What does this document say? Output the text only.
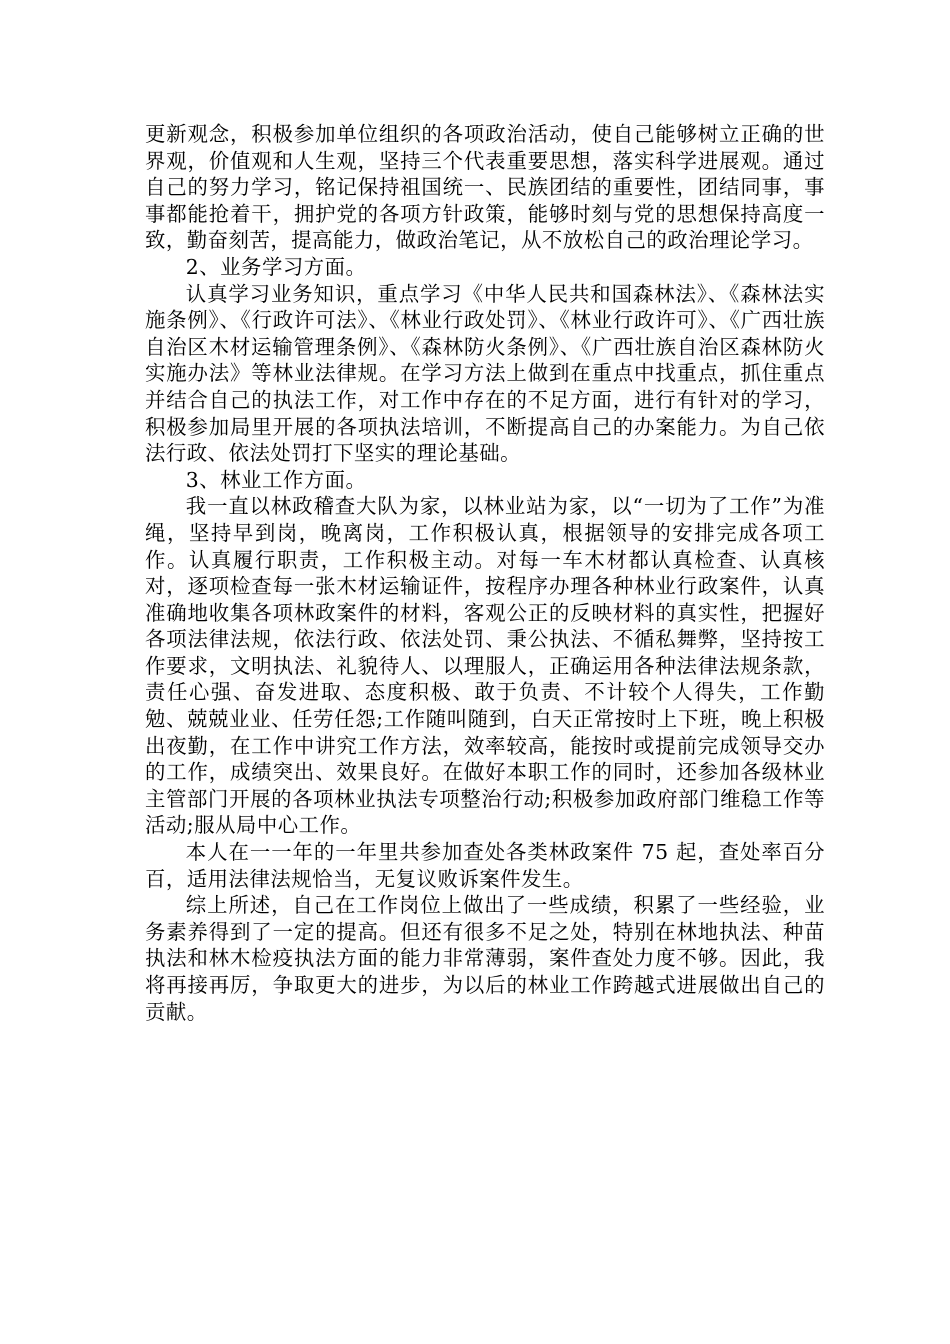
更新观念，积极参加单位组织的各项政治活动，使自己能够树立正确的世界观，价值观和人生观，坚持三个代表重要思想，落实科学进展观。通过自己的努力学习，铭记保持祖国统一、民族团结的重要性，团结同事，事事都能抢着干，拥护党的各项方针政策，能够时刻与党的思想保持高度一致，勤奋刻苦，提高能力，做政治笔记，从不放松自己的政治理论学习。

2、业务学习方面。

认真学习业务知识，重点学习《中华人民共和国森林法》、《森林法实施条例》、《行政许可法》、《林业行政处罚》、《林业行政许可》、《广西壮族自治区木材运输管理条例》、《森林防火条例》、《广西壮族自治区森林防火实施办法》等林业法律规。在学习方法上做到在重点中找重点，抓住重点并结合自己的执法工作，对工作中存在的不足方面，进行有针对的学习，积极参加局里开展的各项执法培训，不断提高自己的办案能力。为自己依法行政、依法处罚打下坚实的理论基础。

3、林业工作方面。

我一直以林政稽查大队为家，以林业站为家，以“一切为了工作”为准绳，坚持早到岗，晚离岗，工作积极认真，根据领导的安排完成各项工作。认真履行职责，工作积极主动。对每一车木材都认真检查、认真核对，逐项检查每一张木材运输证件，按程序办理各种林业行政案件，认真准确地收集各项林政案件的材料，客观公正的反映材料的真实性，把握好各项法律法规，依法行政、依法处罚、秉公执法、不循私舞弊，坚持按工作要求，文明执法、礼貌待人、以理服人，正确运用各种法律法规条款，责任心强、奋发进取、态度积极、敢于负责、不计较个人得失，工作勤勉、兢兢业业、任劳任怨;工作随叫随到，白天正常按时上下班，晚上积极出夜勤，在工作中讲究工作方法，效率较高，能按时或提前完成领导交办的工作，成绩突出、效果良好。在做好本职工作的同时，还参加各级林业主管部门开展的各项林业执法专项整治行动;积极参加政府部门维稳工作等活动;服从局中心工作。

本人在一一年的一年里共参加查处各类林政案件 75 起，查处率百分百，适用法律法规恰当，无复议败诉案件发生。

综上所述，自己在工作岗位上做出了一些成绩，积累了一些经验，业务素养得到了一定的提高。但还有很多不足之处，特别在林地执法、种苗执法和林木检疫执法方面的能力非常薄弱，案件查处力度不够。因此，我将再接再厉，争取更大的进步，为以后的林业工作跨越式进展做出自己的贡献。
